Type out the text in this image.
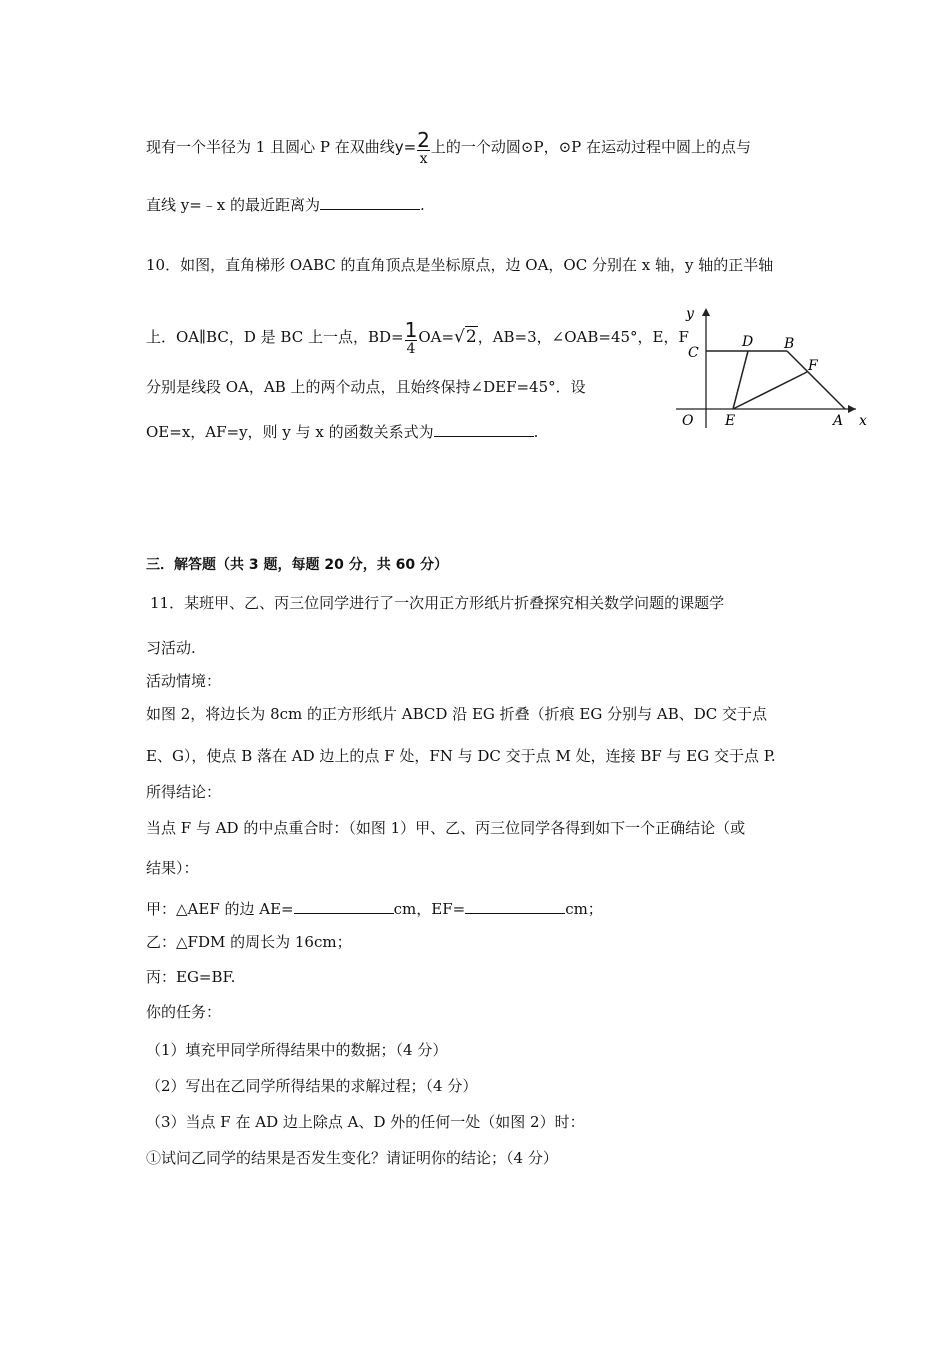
现有一个半径为 1 且圆心 P 在双曲线$y= \frac{2}{x}$ 上的一个动圆⊙P，⊙P 在运动过程中圆上的点与
直线 y=﹣x 的最近距离为	.
10．如图，直角梯形 OABC 的直角顶点是坐标原点，边 OA，OC 分别在 x 轴，y 轴的正半轴
上．OA∥BC，D 是 BC 上一点，$BD= \frac{1}{4} OA=√2$，AB=3，∠OAB=45°，E，F
分别是线段 OA，AB 上的两个动点，且始终保持∠DEF=45°．设
OE=x，AF=y，则 y 与 x 的函数关系式为	.
y
x
O
C
D B
F
E	A
三．解答题（共 3 题，每题 20 分，共 60 分）
11．某班甲、乙、丙三位同学进行了一次用正方形纸片折叠探究相关数学问题的课题学
习活动.
活动情境：
如图 2，将边长为 8cm 的正方形纸片 ABCD 沿 EG 折叠（折痕 EG 分别与 AB、DC 交于点
E、G），使点 B 落在 AD 边上的点 F 处，FN 与 DC 交于点 M 处，连接 BF 与 EG 交于点 P.
所得结论：
当点 F 与 AD 的中点重合时：（如图 1）甲、乙、丙三位同学各得到如下一个正确结论（或
结果）：
甲：△AEF 的边 AE=	cm，EF=	cm；
乙：△FDM 的周长为 16cm；
丙：EG=BF.
你的任务：
（1）填充甲同学所得结果中的数据；（4 分）
（2）写出在乙同学所得结果的求解过程；（4 分）
（3）当点 F 在 AD 边上除点 A、D 外的任何一处（如图 2）时：
①试问乙同学的结果是否发生变化？请证明你的结论；（4 分）
